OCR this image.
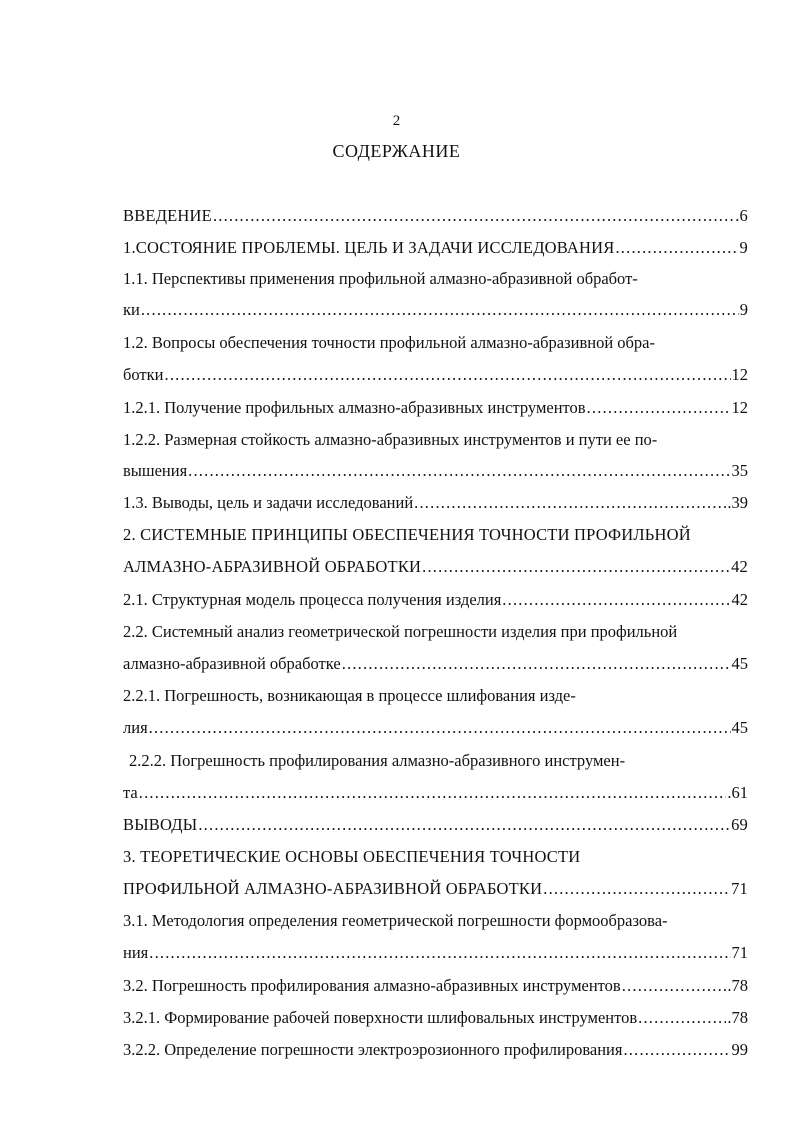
2
СОДЕРЖАНИЕ
ВВЕДЕНИЕ .....	.6
1.СОСТОЯНИЕ ПРОБЛЕМЫ. ЦЕЛЬ И ЗАДАЧИ ИССЛЕДОВАНИЯ .....	9
1.1. Перспективы применения профильной алмазно-абразивной обработ-
ки .....	9
1.2. Вопросы обеспечения точности профильной алмазно-абразивной обра-
ботки .....	12
1.2.1. Получение профильных алмазно-абразивных инструментов .....	12
1.2.2. Размерная стойкость алмазно-абразивных инструментов и пути ее по-
вышения .....	35
1.3. Выводы, цель и задачи исследований .....	.39
2. СИСТЕМНЫЕ ПРИНЦИПЫ ОБЕСПЕЧЕНИЯ ТОЧНОСТИ ПРОФИЛЬНОЙ
АЛМАЗНО-АБРАЗИВНОЙ ОБРАБОТКИ .....	42
2.1. Структурная модель процесса получения изделия .....	42
2.2. Системный анализ геометрической погрешности изделия при профильной
алмазно-абразивной обработке .....	45
2.2.1. Погрешность, возникающая в процессе шлифования изде-
лия .....	45
2.2.2. Погрешность профилирования алмазно-абразивного инструмен-
та .....	.61
ВЫВОДЫ .....	69
3. ТЕОРЕТИЧЕСКИЕ ОСНОВЫ ОБЕСПЕЧЕНИЯ ТОЧНОСТИ
ПРОФИЛЬНОЙ АЛМАЗНО-АБРАЗИВНОЙ ОБРАБОТКИ .....	71
3.1. Методология определения геометрической погрешности формообразова-
ния .....	71
3.2. Погрешность профилирования алмазно-абразивных инструментов .....	.78
3.2.1. Формирование рабочей поверхности шлифовальных инструментов .....	.78
3.2.2. Определение погрешности электроэрозионного профилирования .....	99
